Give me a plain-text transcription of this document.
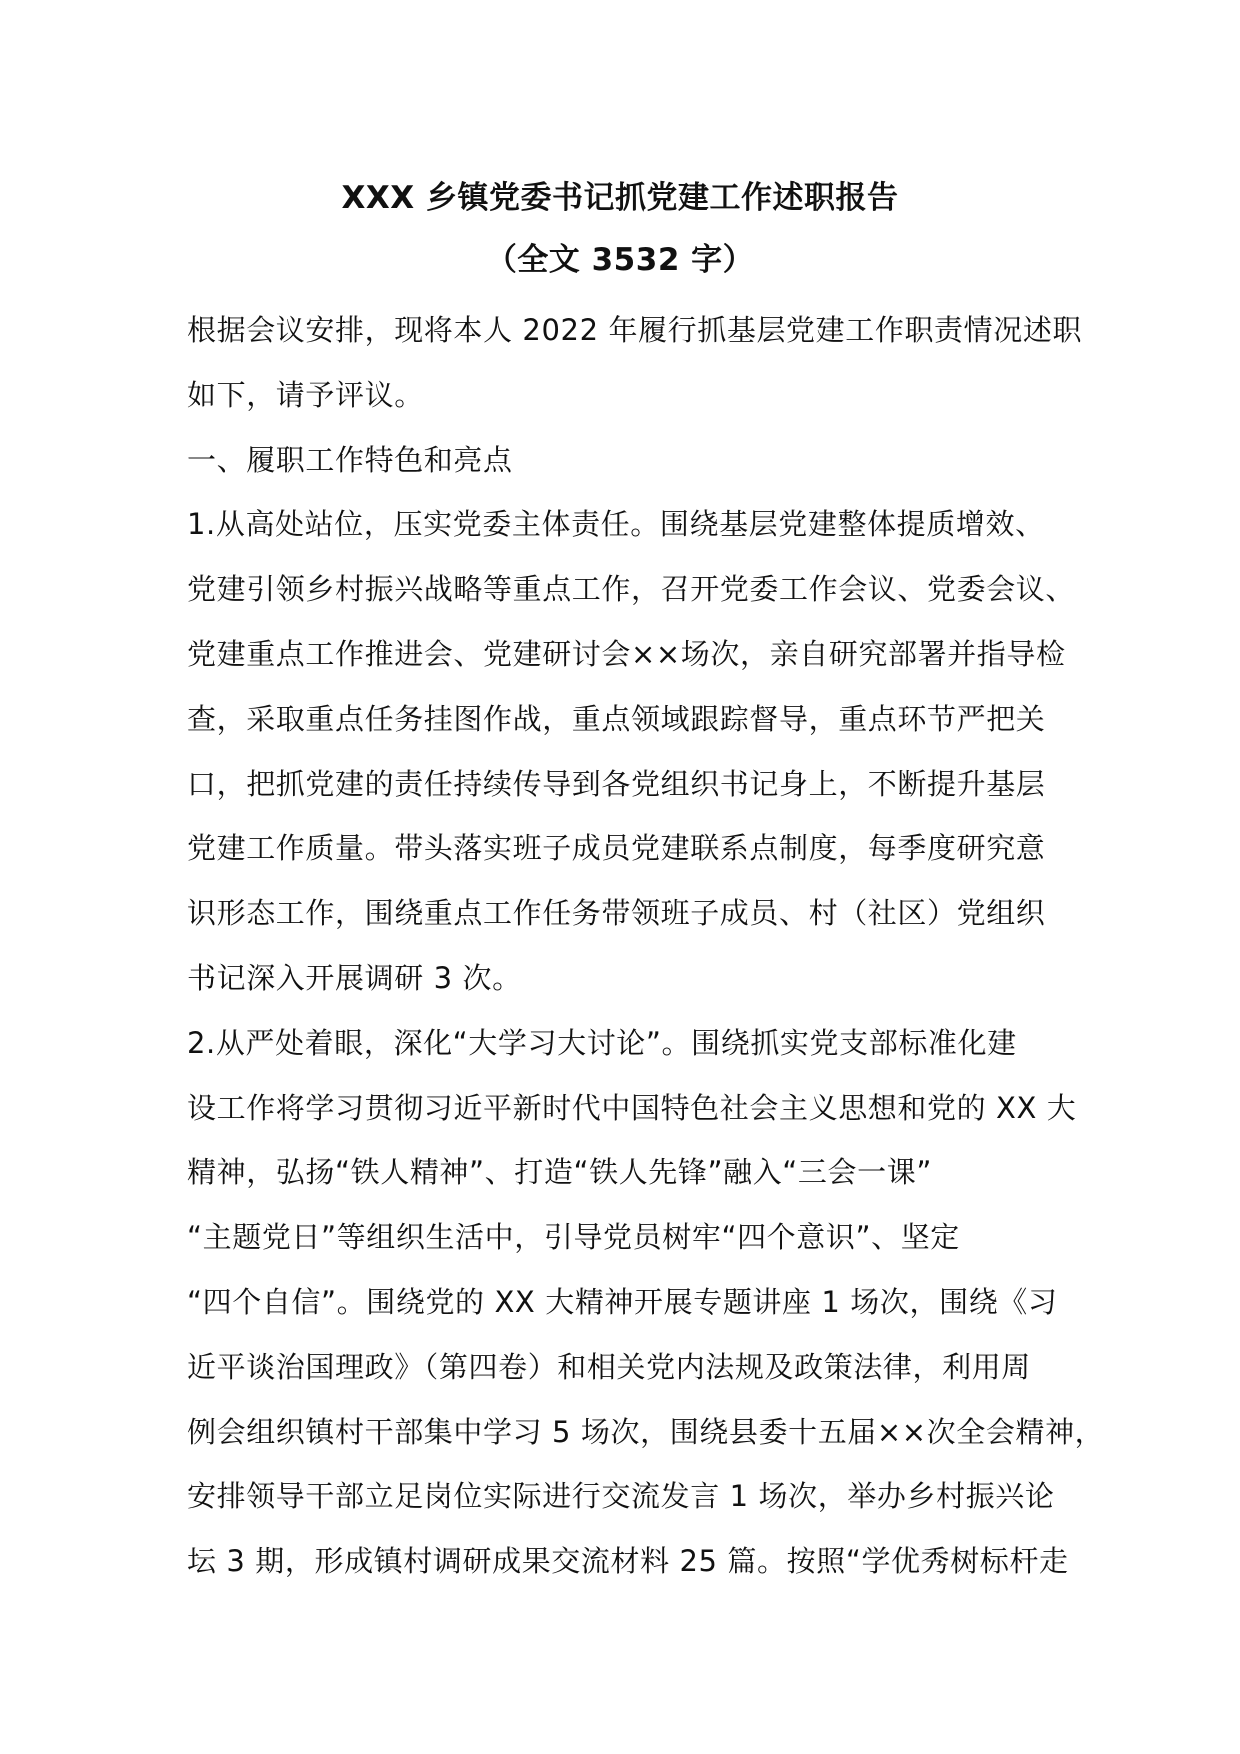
XXX 乡镇党委书记抓党建工作述职报告
（全文 3532 字）
根据会议安排，现将本人 2022 年履行抓基层党建工作职责情况述职
如下，请予评议。
一、履职工作特色和亮点
1.从高处站位，压实党委主体责任。围绕基层党建整体提质增效、
党建引领乡村振兴战略等重点工作，召开党委工作会议、党委会议、
党建重点工作推进会、党建研讨会××场次，亲自研究部署并指导检
查，采取重点任务挂图作战，重点领域跟踪督导，重点环节严把关
口，把抓党建的责任持续传导到各党组织书记身上，不断提升基层
党建工作质量。带头落实班子成员党建联系点制度，每季度研究意
识形态工作，围绕重点工作任务带领班子成员、村（社区）党组织
书记深入开展调研 3 次。
2.从严处着眼，深化“大学习大讨论”。围绕抓实党支部标准化建
设工作将学习贯彻习近平新时代中国特色社会主义思想和党的 XX 大
精神，弘扬“铁人精神”、打造“铁人先锋”融入“三会一课”
“主题党日”等组织生活中，引导党员树牢“四个意识”、坚定
“四个自信”。围绕党的 XX 大精神开展专题讲座 1 场次，围绕《习
近平谈治国理政》（第四卷）和相关党内法规及政策法律，利用周
例会组织镇村干部集中学习 5 场次，围绕县委十五届××次全会精神，
安排领导干部立足岗位实际进行交流发言 1 场次，举办乡村振兴论
坛 3 期，形成镇村调研成果交流材料 25 篇。按照“学优秀树标杆走
